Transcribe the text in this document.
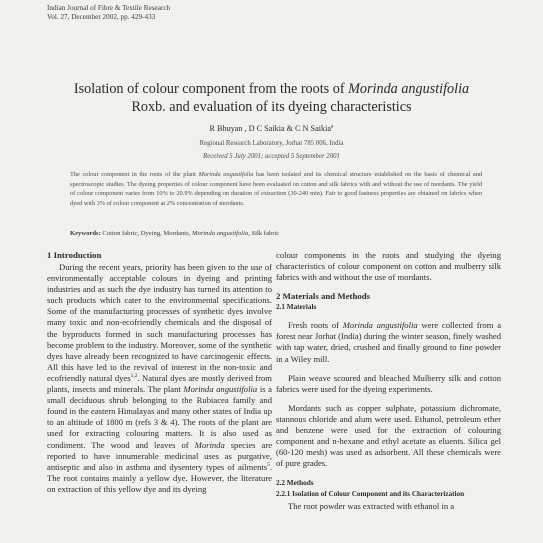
Indian Journal of Fibre & Textile Research
Vol. 27, December 2002, pp. 429-433
Isolation of colour component from the roots of Morinda angustifolia
Roxb. and evaluation of its dyeing characteristics
R Bhuyan , D C Saikia & C N Saikia$^a$
Regional Research Laboratory, Jorhat 785 006, India
Received 5 July 2001; accepted 5 September 2001
The colour component in the roots of the plant Morinda angustifolia has been isolated and its chemical structure established on the basis of chemical and spectroscopic studies. The dyeing properties of colour component have been evaluated on cotton and silk fabrics with and without the use of mordants. The yield of colour component varies from 10% to 20.9% depending on duration of extraction (30-240 min). Fair to good fastness properties are obtained on fabrics when dyed with 3% of colour component at 2% concentration of mordants.
Keywords: Cotton fabric, Dyeing, Mordants, Morinda angustifolia, Silk fabric
1 Introduction

During the recent years, priority has been given to the use of environmentally acceptable colours in dyeing and printing industries and as such the dye industry has turned its attention to such products which cater to the environmental specifications. Some of the manufacturing processes of synthetic dyes involve many toxic and non-ecofriendly chemicals and the disposal of the byproducts formed in such manufacturing processes has become problem to the industry. Moreover, some of the synthetic dyes have already been recognized to have carcinogenic effects. All this have led to the revival of interest in the non-toxic and ecofriendly natural dyes$^{1,2}$. Natural dyes are mostly derived from plants, insects and minerals. The plant Morinda angustifolia is a small deciduous shrub belonging to the Rubiacea family and found in the eastern Himalayas and many other states of India up to an altitude of 1800 m (refs 3 & 4). The roots of the plant are used for extracting colouring matters. It is also used as condiment. The wood and leaves of Morinda species are reported to have innumerable medicinal uses as purgative, antiseptic and also in asthma and dysentery types of ailments$^5$. The root contains mainly a yellow dye. However, the literature on extraction of this yellow dye and its dyeing

colour components in the roots and studying the dyeing characteristics of colour component on cotton and mulberry silk fabrics with and without the use of mordants.

2 Materials and Methods
2.1 Materials

Fresh roots of Morinda angustifolia were collected from a forest near Jorhat (India) during the winter season, finely washed with tap water, dried, crushed and finally ground to fine powder in a Wiley mill.

Plain weave scoured and bleached Mulberry silk and cotton fabrics were used for the dyeing experiments.

Mordants such as copper sulphate, potassium dichromate, stannous chloride and alum were used. Ethanol, petroleum ether and benzene were used for the extraction of colouring component and n-hexane and ethyl acetate as eluents. Silica gel (60-120 mesh) was used as adsorbent. All these chemicals were of pure grades.

2.2 Methods
2.2.1 Isolation of Colour Component and its Characterization

The root powder was extracted with ethanol in a
